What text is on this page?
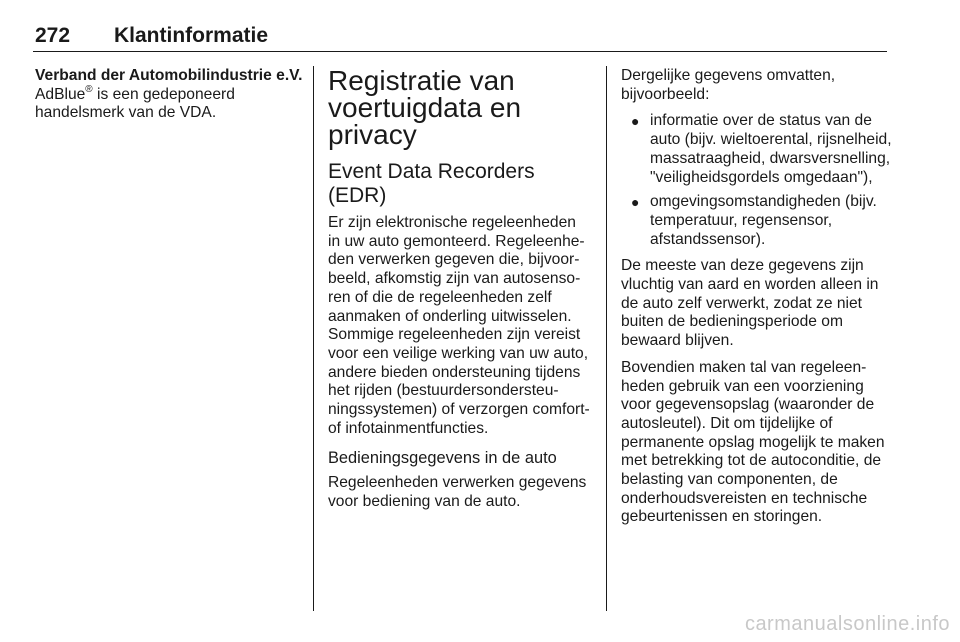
272 Klantinformatie

Verband der Automobilindustrie e.V.
AdBlue® is een gedeponeerd handelsmerk van de VDA.

Registratie van voertuigdata en privacy
Event Data Recorders (EDR)

Er zijn elektronische regeleenheden in uw auto gemonteerd. Regeleenheden verwerken gegeven die, bijvoorbeeld, afkomstig zijn van autosensoren of die de regeleenheden zelf aanmaken of onderling uitwisselen. Sommige regeleenheden zijn vereist voor een veilige werking van uw auto, andere bieden ondersteuning tijdens het rijden (bestuurdersondersteuningssystemen) of verzorgen comfort- of infotainmentfuncties.

Bedieningsgegevens in de auto

Regeleenheden verwerken gegevens voor bediening van de auto.

Dergelijke gegevens omvatten, bijvoorbeeld:

● informatie over de status van de auto (bijv. wieltoerental, rijsnelheid, massatraagheid, dwarsversnelling, "veiligheidsgordels omgedaan"),
● omgevingsomstandigheden (bijv. temperatuur, regensensor, afstandssensor).

De meeste van deze gegevens zijn vluchtig van aard en worden alleen in de auto zelf verwerkt, zodat ze niet buiten de bedieningsperiode om bewaard blijven.

Bovendien maken tal van regeleenheden gebruik van een voorziening voor gegevensopslag (waaronder de autosleutel). Dit om tijdelijke of permanente opslag mogelijk te maken met betrekking tot de autoconditie, de belasting van componenten, de onderhoudsvereisten en technische gebeurtenissen en storingen.

carmanualsonline.info
